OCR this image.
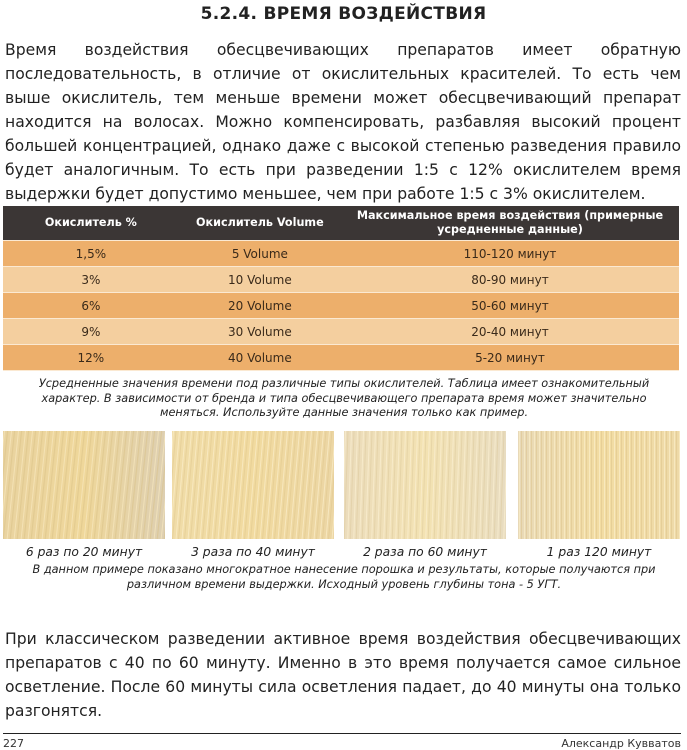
5.2.4. ВРЕМЯ ВОЗДЕЙСТВИЯ
Время воздействия обесцвечивающих препаратов имеет обратную последовательность, в отличие от окислительных красителей. То есть чем выше окислитель, тем меньше времени может обесцвечивающий препарат находится на волосах. Можно компенсировать, разбавляя высокий процент большей концентрацией, однако даже с высокой степенью разведения правило будет аналогичным. То есть при разведении 1:5 с 12% окислителем время выдержки будет допустимо меньшее, чем при работе 1:5 с 3% окислителем.
Окислитель %	Окислитель Volume	Максимальное время воздействия (примерные усредненные данные)
1,5%	5 Volume	110-120 минут
3%	10 Volume	80-90 минут
6%	20 Volume	50-60 минут
9%	30 Volume	20-40 минут
12%	40 Volume	5-20 минут
Усредненные значения времени под различные типы окислителей. Таблица имеет ознакомительный характер. В зависимости от бренда и типа обесцвечивающего препарата время может значительно меняться. Используйте данные значения только как пример.
6 раз по 20 минут	3 раза по 40 минут	2 раза по 60 минут	1 раз 120 минут
В данном примере показано многократное нанесение порошка и результаты, которые получаются при различном времени выдержки. Исходный уровень глубины тона - 5 УГТ.
При классическом разведении активное время воздействия обесцвечивающих препаратов с 40 по 60 минуту. Именно в это время получается самое сильное осветление. После 60 минуты сила осветления падает, до 40 минуты она только разгонятся.
227	Александр Кувватов
